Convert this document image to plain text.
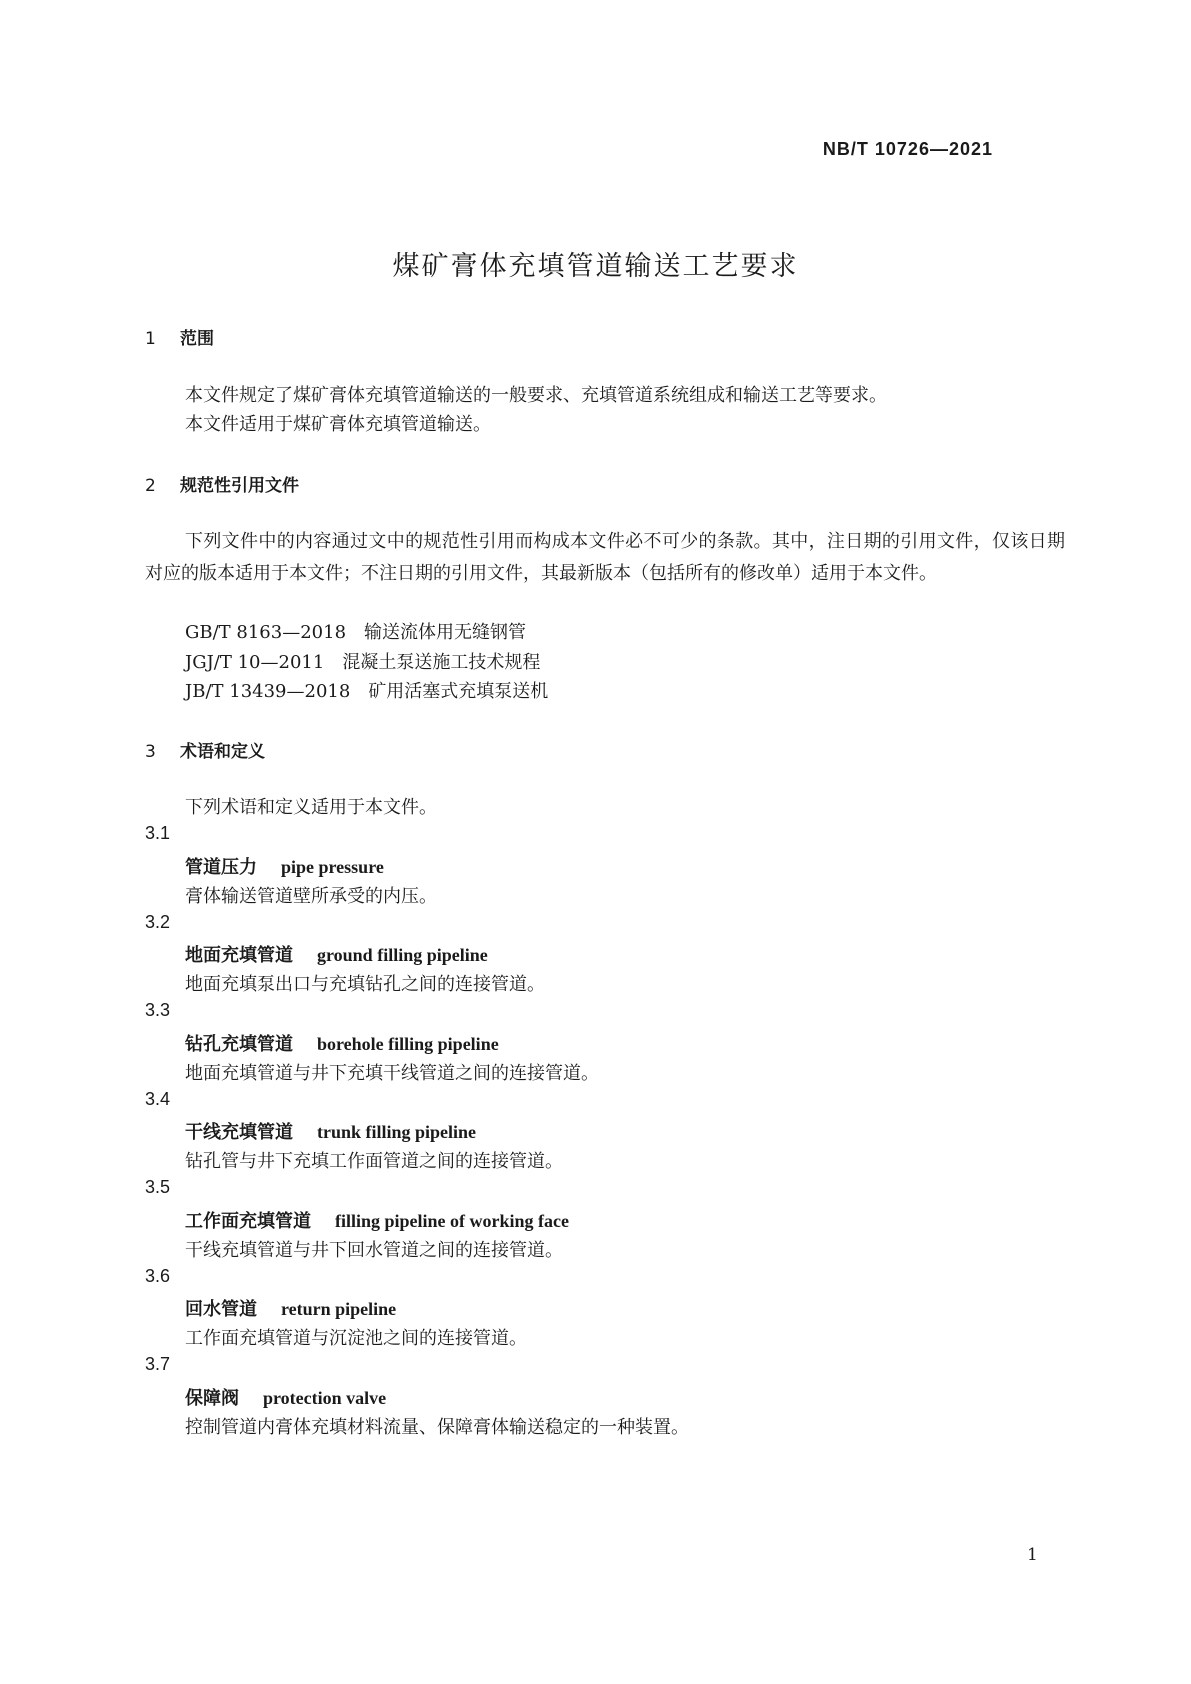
NB/T 10726—2021
煤矿膏体充填管道输送工艺要求
1 范围
本文件规定了煤矿膏体充填管道输送的一般要求、充填管道系统组成和输送工艺等要求。
本文件适用于煤矿膏体充填管道输送。
2 规范性引用文件
下列文件中的内容通过文中的规范性引用而构成本文件必不可少的条款。其中，注日期的引用文件，仅该日期对应的版本适用于本文件；不注日期的引用文件，其最新版本（包括所有的修改单）适用于本文件。
GB/T 8163—2018 输送流体用无缝钢管
JGJ/T 10—2011 混凝土泵送施工技术规程
JB/T 13439—2018 矿用活塞式充填泵送机
3 术语和定义
下列术语和定义适用于本文件。
3.1
管道压力 pipe pressure
膏体输送管道壁所承受的内压。
3.2
地面充填管道 ground filling pipeline
地面充填泵出口与充填钻孔之间的连接管道。
3.3
钻孔充填管道 borehole filling pipeline
地面充填管道与井下充填干线管道之间的连接管道。
3.4
干线充填管道 trunk filling pipeline
钻孔管与井下充填工作面管道之间的连接管道。
3.5
工作面充填管道 filling pipeline of working face
干线充填管道与井下回水管道之间的连接管道。
3.6
回水管道 return pipeline
工作面充填管道与沉淀池之间的连接管道。
3.7
保障阀 protection valve
控制管道内膏体充填材料流量、保障膏体输送稳定的一种装置。
1
